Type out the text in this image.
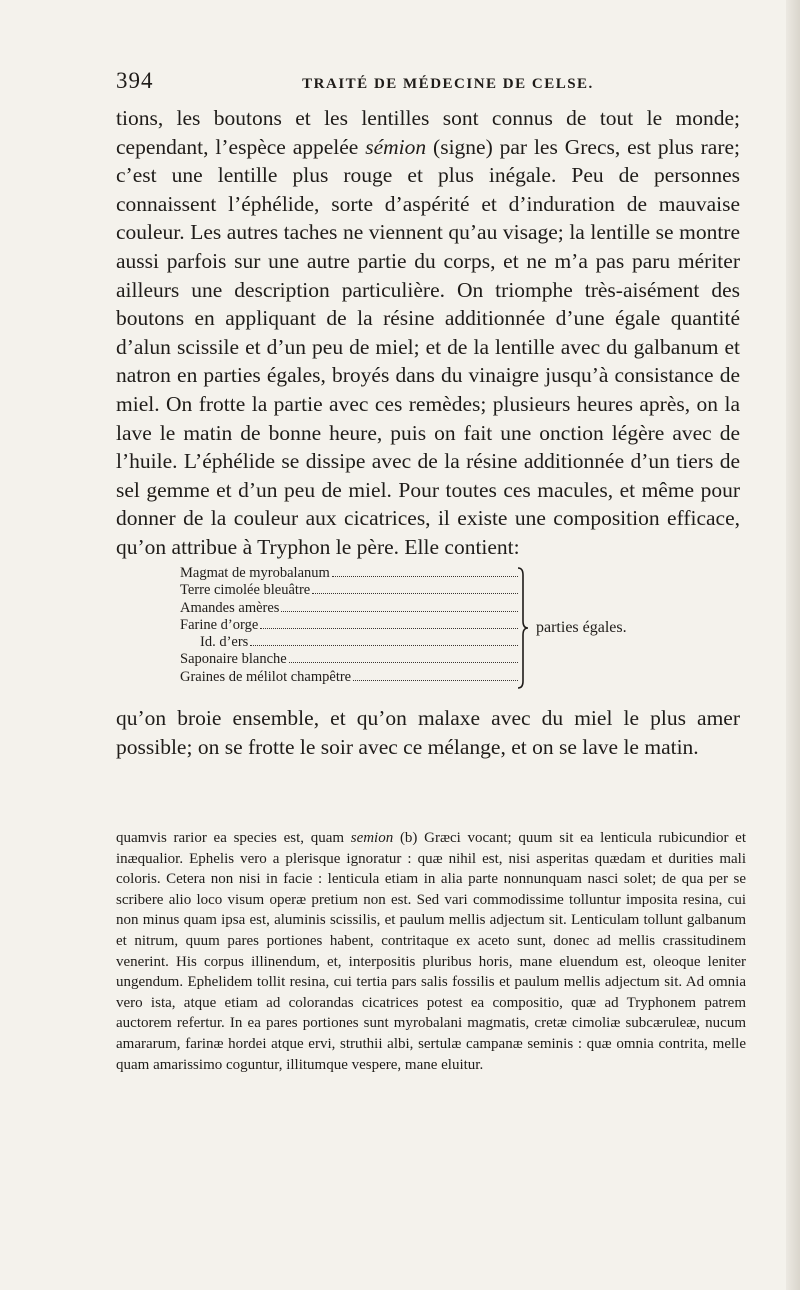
394	TRAITÉ DE MÉDECINE DE CELSE.

tions, les boutons et les lentilles sont connus de tout le monde; cependant, l’espèce appelée sémion (signe) par les Grecs, est plus rare; c’est une lentille plus rouge et plus inégale. Peu de personnes connaissent l’éphélide, sorte d’aspérité et d’induration de mauvaise couleur. Les autres taches ne viennent qu’au visage; la lentille se montre aussi parfois sur une autre partie du corps, et ne m’a pas paru mériter ailleurs une description particulière. On triomphe très-aisément des boutons en appliquant de la résine additionnée d’une égale quantité d’alun scissile et d’un peu de miel; et de la lentille avec du galbanum et natron en parties égales, broyés dans du vinaigre jusqu’à consistance de miel. On frotte la partie avec ces remèdes; plusieurs heures après, on la lave le matin de bonne heure, puis on fait une onction légère avec de l’huile. L’éphélide se dissipe avec de la résine additionnée d’un tiers de sel gemme et d’un peu de miel. Pour toutes ces macules, et même pour donner de la couleur aux cicatrices, il existe une composition efficace, qu’on attribue à Tryphon le père. Elle contient:

Magmat de myrobalanum
Terre cimolée bleuâtre
Amandes amères
Farine d’orge
Id. d’ers
Saponaire blanche
Graines de mélilot champêtre
parties égales.

qu’on broie ensemble, et qu’on malaxe avec du miel le plus amer possible; on se frotte le soir avec ce mélange, et on se lave le matin.

quamvis rarior ea species est, quam semion (b) Græci vocant; quum sit ea lenticula rubicundior et inæqualior. Ephelis vero a plerisque ignoratur : quæ nihil est, nisi asperitas quædam et durities mali coloris. Cetera non nisi in facie : lenticula etiam in alia parte nonnunquam nasci solet; de qua per se scribere alio loco visum operæ pretium non est. Sed vari commodissime tolluntur imposita resina, cui non minus quam ipsa est, aluminis scissilis, et paulum mellis adjectum sit. Lenticulam tollunt galbanum et nitrum, quum pares portiones habent, contritaque ex aceto sunt, donec ad mellis crassitudinem venerint. His corpus illinendum, et, interpositis pluribus horis, mane eluendum est, oleoque leniter ungendum. Ephelidem tollit resina, cui tertia pars salis fossilis et paulum mellis adjectum sit. Ad omnia vero ista, atque etiam ad colorandas cicatrices potest ea compositio, quæ ad Tryphonem patrem auctorem refertur. In ea pares portiones sunt myrobalani magmatis, cretæ cimoliæ subcæruleæ, nucum amararum, farinæ hordei atque ervi, struthii albi, sertulæ campanæ seminis : quæ omnia contrita, melle quam amarissimo coguntur, illitumque vespere, mane eluitur.
